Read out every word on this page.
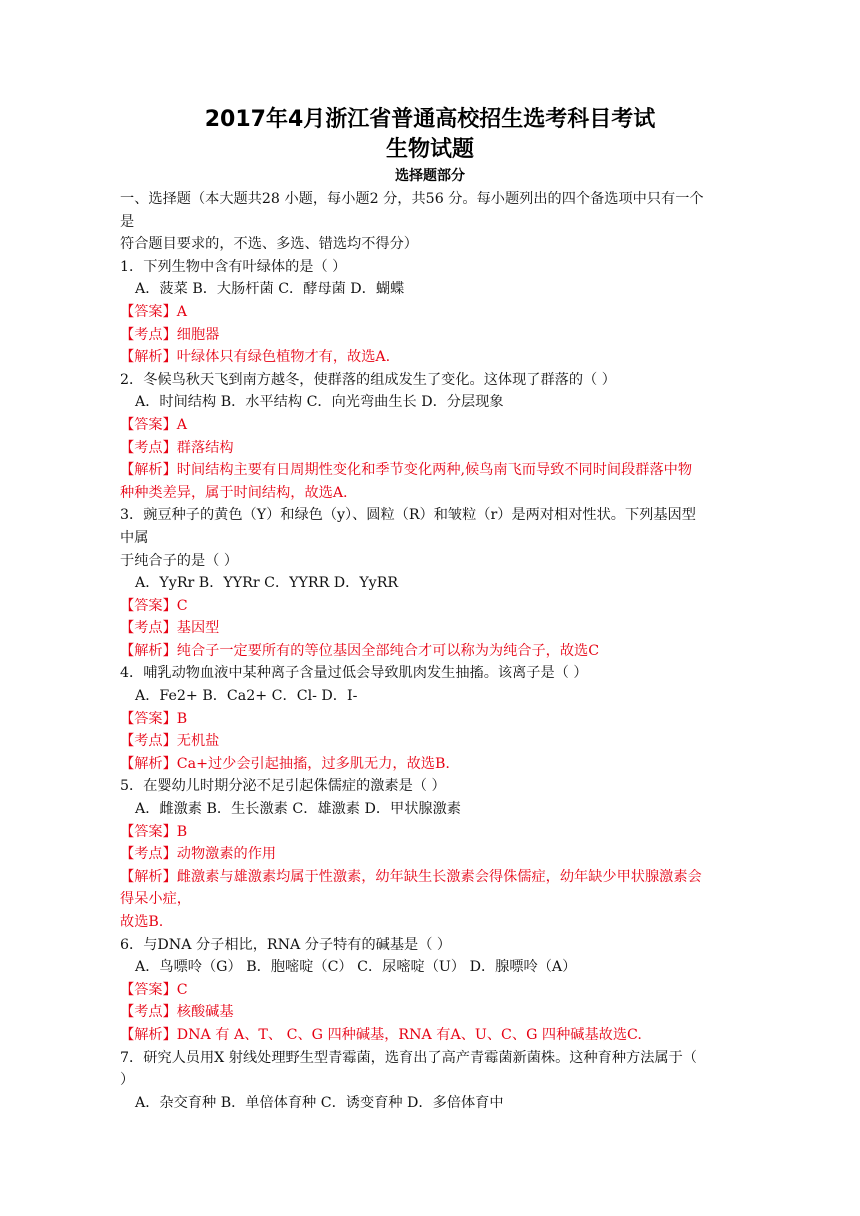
2017年4月浙江省普通高校招生选考科目考试
生物试题
选择题部分
一、选择题（本大题共28 小题，每小题2 分，共56 分。每小题列出的四个备选项中只有一个
是
符合题目要求的，不选、多选、错选均不得分）
1．下列生物中含有叶绿体的是（ ）
A．菠菜 B．大肠杆菌 C．酵母菌 D．蝴蝶
【答案】A
【考点】细胞器
【解析】叶绿体只有绿色植物才有，故选A.
2．冬候鸟秋天飞到南方越冬，使群落的组成发生了变化。这体现了群落的（ ）
A．时间结构 B．水平结构 C．向光弯曲生长 D．分层现象
【答案】A
【考点】群落结构
【解析】时间结构主要有日周期性变化和季节变化两种,候鸟南飞而导致不同时间段群落中物
种种类差异，属于时间结构，故选A.
3．豌豆种子的黄色（Y）和绿色（y）、圆粒（R）和皱粒（r）是两对相对性状。下列基因型
中属
于纯合子的是（ ）
A．YyRr B．YYRr C．YYRR D．YyRR
【答案】C
【考点】基因型
【解析】纯合子一定要所有的等位基因全部纯合才可以称为为纯合子，故选C
4．哺乳动物血液中某种离子含量过低会导致肌肉发生抽搐。该离子是（ ）
A．Fe2+ B．Ca2+ C．Cl- D．I-
【答案】B
【考点】无机盐
【解析】Ca+过少会引起抽搐，过多肌无力，故选B.
5．在婴幼儿时期分泌不足引起侏儒症的激素是（ ）
A．雌激素 B．生长激素 C．雄激素 D．甲状腺激素
【答案】B
【考点】动物激素的作用
【解析】雌激素与雄激素均属于性激素，幼年缺生长激素会得侏儒症，幼年缺少甲状腺激素会
得呆小症，
故选B.
6．与DNA 分子相比，RNA 分子特有的碱基是（ ）
A．鸟嘌呤（G） B．胞嘧啶（C） C．尿嘧啶（U） D．腺嘌呤（A）
【答案】C
【考点】核酸碱基
【解析】DNA 有 A、T、 C、G 四种碱基，RNA 有A、U、C、G 四种碱基故选C.
7．研究人员用X 射线处理野生型青霉菌，选育出了高产青霉菌新菌株。这种育种方法属于（
）
A．杂交育种 B．单倍体育种 C．诱变育种 D．多倍体育中
